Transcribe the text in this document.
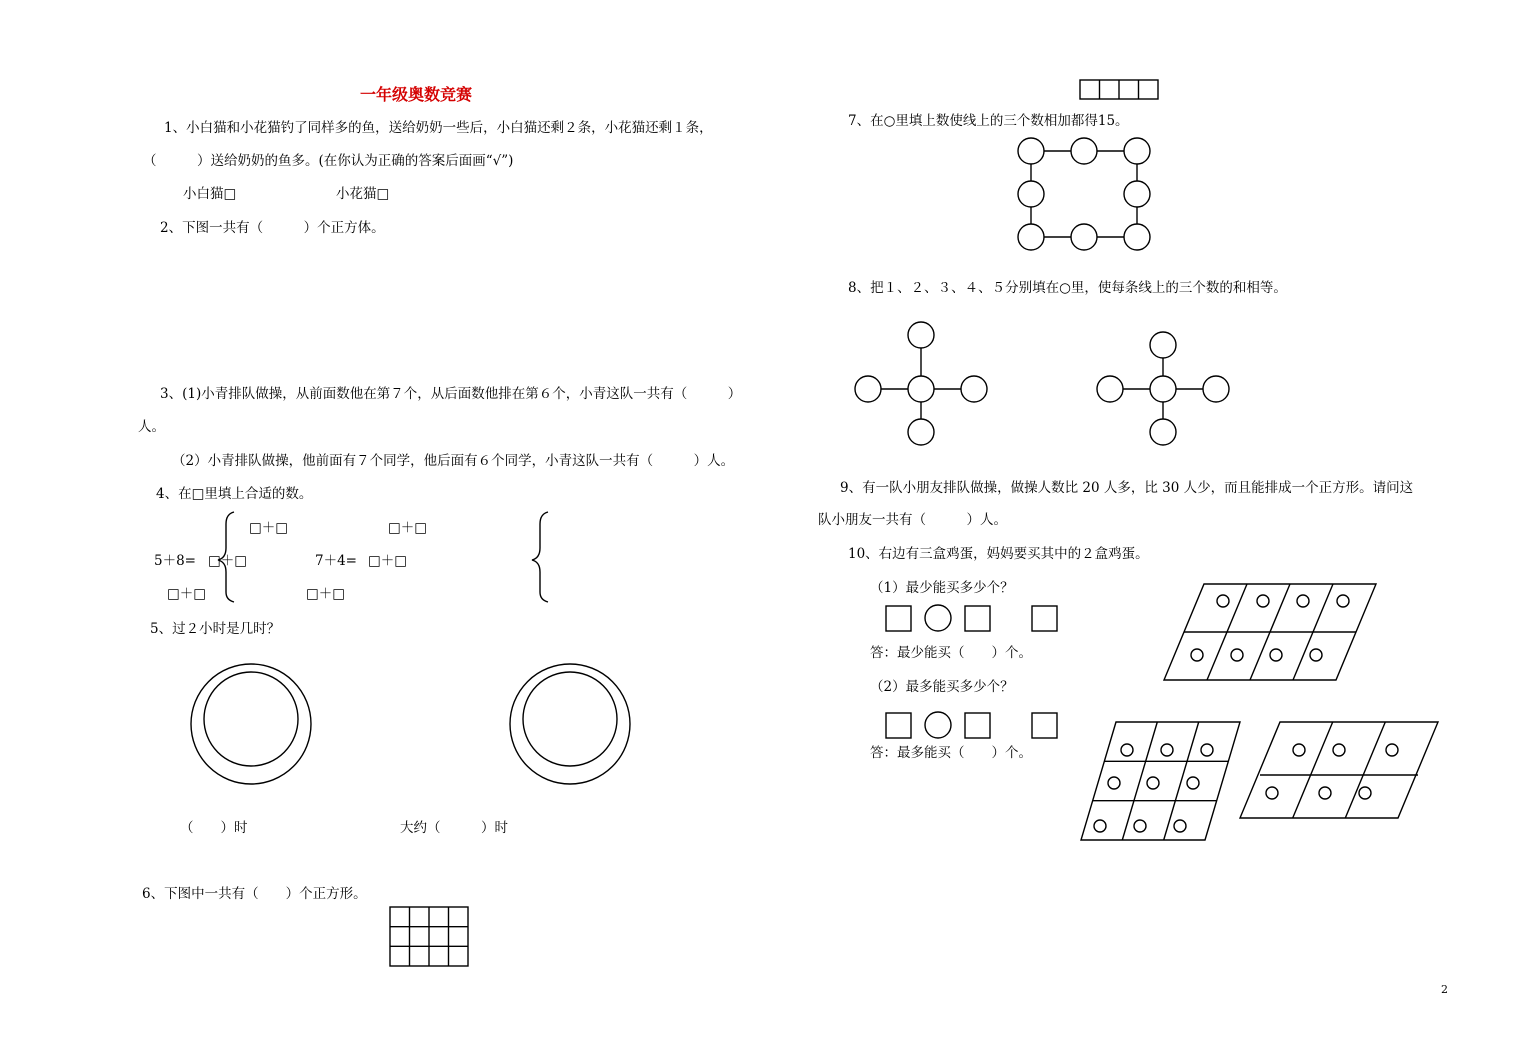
一年级奥数竞赛
1、小白猫和小花猫钓了同样多的鱼，送给奶奶一些后，小白猫还剩２条，小花猫还剩１条，
（　　　）送给奶奶的鱼多。(在你认为正确的答案后面画“√”)
小白猫□	小花猫□
2、下图一共有（　　　）个正方体。
3、(1)小青排队做操，从前面数他在第７个，从后面数他排在第６个，小青这队一共有（　　　）
人。
（2）小青排队做操，他前面有７个同学，他后面有６个同学，小青这队一共有（　　　）人。
4、在□里填上合适的数。
□＋□	□＋□
5＋8= □＋□	7＋4= □＋□
□＋□	□＋□
5、过２小时是几时？
（　　）时	大约（　　　）时
6、下图中一共有（　　）个正方形。
7、在○里填上数使线上的三个数相加都得15。
8、把１、２、３、４、５分别填在○里，使每条线上的三个数的和相等。
9、有一队小朋友排队做操，做操人数比 20 人多，比 30 人少，而且能排成一个正方形。请问这
队小朋友一共有（　　　）人。
10、右边有三盒鸡蛋，妈妈要买其中的２盒鸡蛋。
（1）最少能买多少个？
答：最少能买（　　）个。
（2）最多能买多少个？
答：最多能买（　　）个。
2
